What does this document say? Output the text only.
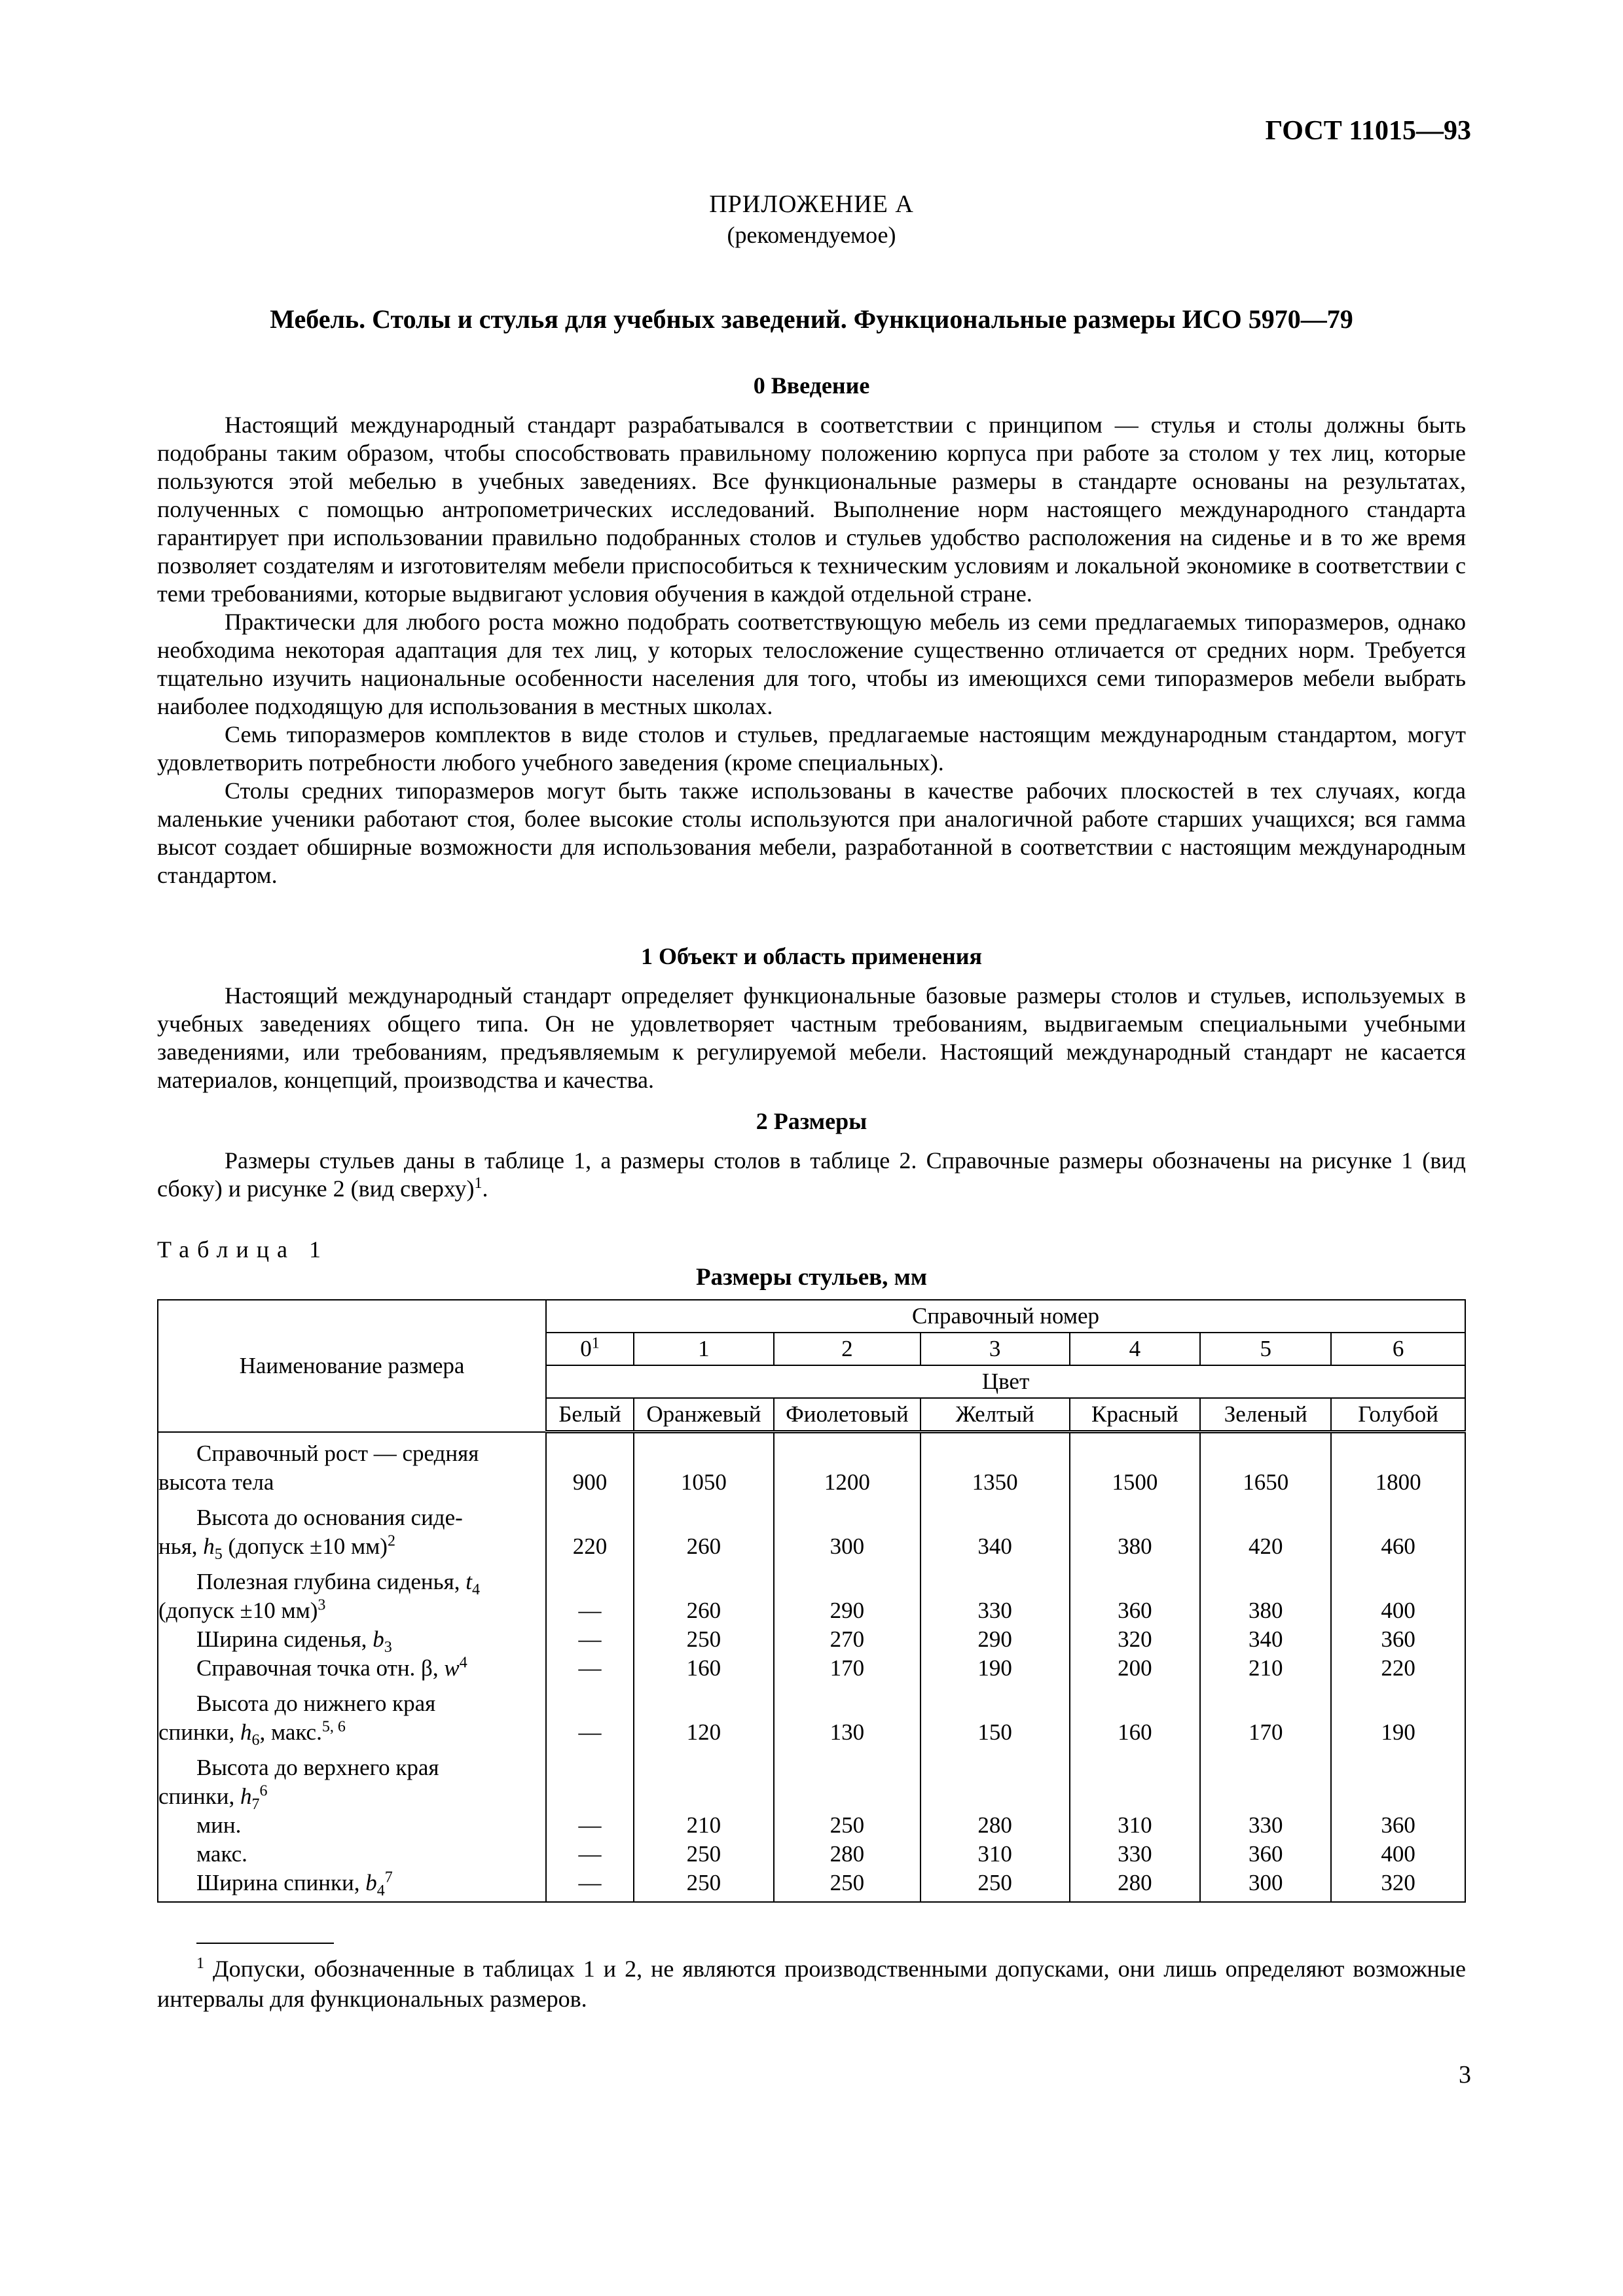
ГОСТ 11015—93
ПРИЛОЖЕНИЕ А
(рекомендуемое)
Мебель. Столы и стулья для учебных заведений. Функциональные размеры ИСО 5970—79
0 Введение

Настоящий международный стандарт разрабатывался в соответствии с принципом — стулья и столы должны быть подобраны таким образом, чтобы способствовать правильному положению корпуса при работе за столом у тех лиц, которые пользуются этой мебелью в учебных заведениях. Все функциональные размеры в стандарте основаны на результатах, полученных с помощью антропометрических исследований. Выполнение норм настоящего международного стандарта гарантирует при использовании правильно подобранных столов и стульев удобство расположения на сиденье и в то же время позволяет создателям и изготовителям мебели приспособиться к техническим условиям и локальной экономике в соответствии с теми требованиями, которые выдвигают условия обучения в каждой отдельной стране.

Практически для любого роста можно подобрать соответствующую мебель из семи предлагаемых типоразмеров, однако необходима некоторая адаптация для тех лиц, у которых телосложение существенно отличается от средних норм. Требуется тщательно изучить национальные особенности населения для того, чтобы из имеющихся семи типоразмеров мебели выбрать наиболее подходящую для использования в местных школах.

Семь типоразмеров комплектов в виде столов и стульев, предлагаемые настоящим международным стандартом, могут удовлетворить потребности любого учебного заведения (кроме специальных).

Столы средних типоразмеров могут быть также использованы в качестве рабочих плоскостей в тех случаях, когда маленькие ученики работают стоя, более высокие столы используются при аналогичной работе старших учащихся; вся гамма высот создает обширные возможности для использования мебели, разработанной в соответствии с настоящим международным стандартом.

1 Объект и область применения

Настоящий международный стандарт определяет функциональные базовые размеры столов и стульев, используемых в учебных заведениях общего типа. Он не удовлетворяет частным требованиям, выдвигаемым специальными учебными заведениями, или требованиям, предъявляемым к регулируемой мебели. Настоящий международный стандарт не касается материалов, концепций, производства и качества.

2 Размеры

Размеры стульев даны в таблице 1, а размеры столов в таблице 2. Справочные размеры обозначены на рисунке 1 (вид сбоку) и рисунке 2 (вид сверху)$^1$.

Таблица 1
Размеры стульев, мм
Наименование размера	Справочный номер						
	$0^1$	1	2	3	4	5	6
	Цвет						
	Белый	Оранжевый	Фиолетовый	Желтый	Красный	Зеленый	Голубой
Справочный рост — средняя
высота тела	900	1050	1200	1350	1500	1650	1800
Высота до основания сиде-
нья, $h_5$ (допуск ±10 мм)$^2$	220	260	300	340	380	420	460
Полезная глубина сиденья, $t_4$
(допуск ±10 мм)$^3$	—	260	290	330	360	380	400
Ширина сиденья, $b_3$	—	250	270	290	320	340	360
Справочная точка отн. β, $w^4$	—	160	170	190	200	210	220
Высота до нижнего края
спинки, $h_6$, макс.$^{5, 6}$	—	120	130	150	160	170	190
Высота до верхнего края
спинки, $h_7^6$							
мин.	—	210	250	280	310	330	360
макс.	—	250	280	310	330	360	400
Ширина спинки, $b_4^7$	—	250	250	250	280	300	320
$^1$ Допуски, обозначенные в таблицах 1 и 2, не являются производственными допусками, они лишь определяют возможные интервалы для функциональных размеров.
3
